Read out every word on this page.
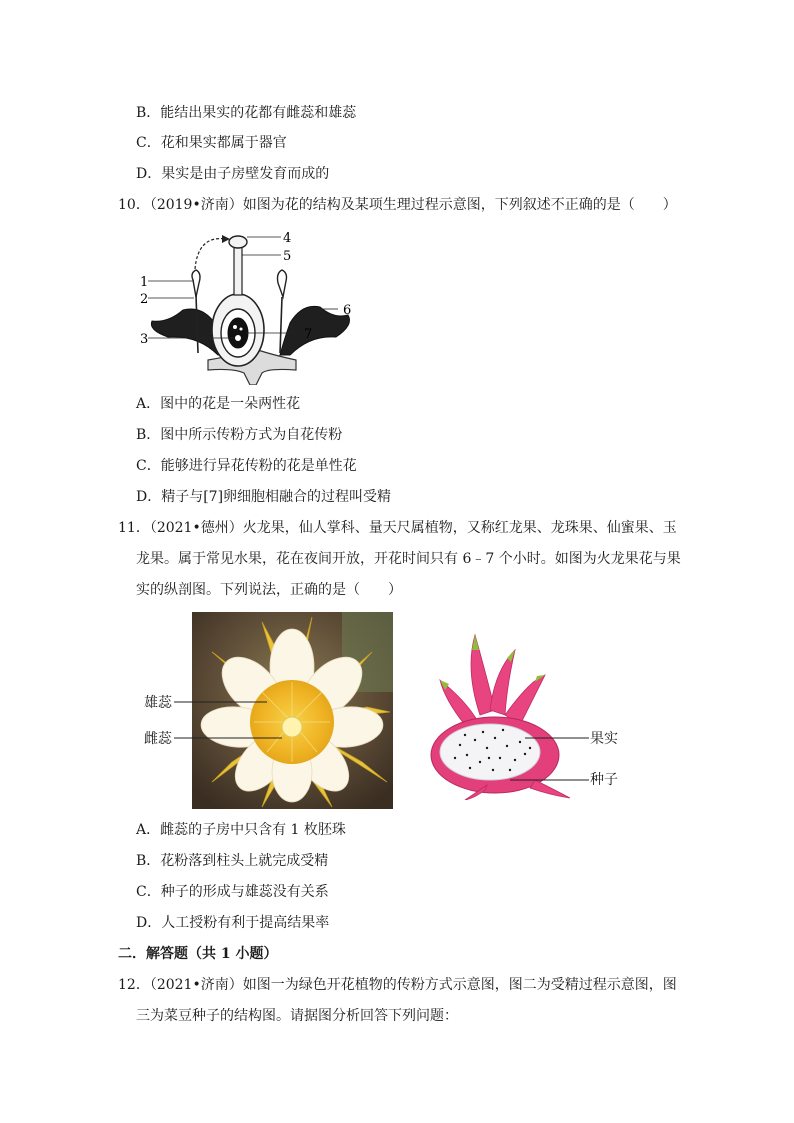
B．能结出果实的花都有雌蕊和雄蕊
C．花和果实都属于器官
D．果实是由子房壁发育而成的
10．（2019•济南）如图为花的结构及某项生理过程示意图，下列叙述不正确的是（　　）
1
2
3
4
5
6
7
A．图中的花是一朵两性花
B．图中所示传粉方式为自花传粉
C．能够进行异花传粉的花是单性花
D．精子与[7]卵细胞相融合的过程叫受精
11．（2021•德州）火龙果，仙人掌科、量天尺属植物，又称红龙果、龙珠果、仙蜜果、玉
龙果。属于常见水果，花在夜间开放，开花时间只有 6﹣7 个小时。如图为火龙果花与果
实的纵剖图。下列说法，正确的是（　　）
雄蕊
雌蕊	果实
种子
A．雌蕊的子房中只含有 1 枚胚珠
B．花粉落到柱头上就完成受精
C．种子的形成与雄蕊没有关系
D．人工授粉有利于提高结果率
二．解答题（共 1 小题）
12．（2021•济南）如图一为绿色开花植物的传粉方式示意图，图二为受精过程示意图，图
三为菜豆种子的结构图。请据图分析回答下列问题：
